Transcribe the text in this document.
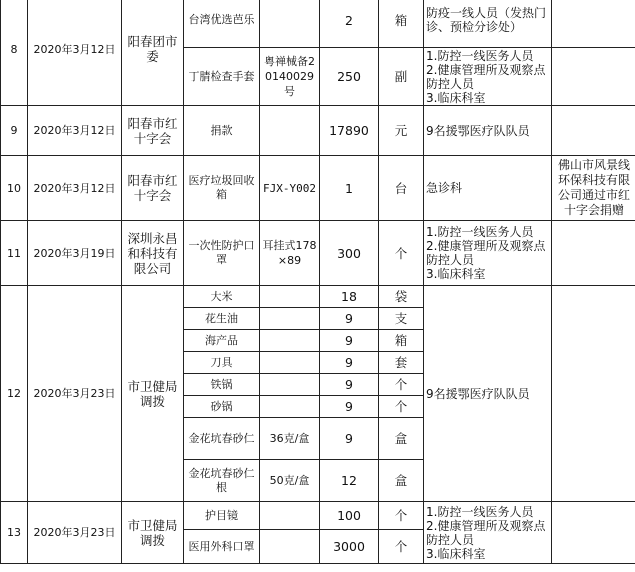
8	2020年3月12日	阳春团市委	台湾优选芭乐		2	箱	防疫一线人员（发热门诊、预检分诊处）	
			丁腈检查手套	粤禅械备20140029号	250	副	1.防控一线医务人员
2.健康管理所及观察点防控人员
3.临床科室	
9	2020年3月12日	阳春市红十字会	捐款		17890	元	9名援鄂医疗队队员	
10	2020年3月12日	阳春市红十字会	医疗垃圾回收箱	FJX-Y002	1	台	急诊科	佛山市风景线环保科技有限公司通过市红十字会捐赠
11	2020年3月19日	深圳永昌和科技有限公司	一次性防护口罩	耳挂式178×89	300	个	1.防控一线医务人员
2.健康管理所及观察点防控人员
3.临床科室	
12	2020年3月23日	市卫健局调拨	大米		18	袋	9名援鄂医疗队队员	
			花生油		9	支		
			海产品		9	箱		
			刀具		9	套		
			铁锅		9	个		
			砂锅		9	个		
			金花坑春砂仁	36克/盒	9	盒		
			金花坑春砂仁根	50克/盒	12	盒		
13	2020年3月23日	市卫健局调拨	护目镜		100	个	1.防控一线医务人员
2.健康管理所及观察点防控人员
3.临床科室	
			医用外科口罩		3000	个		
